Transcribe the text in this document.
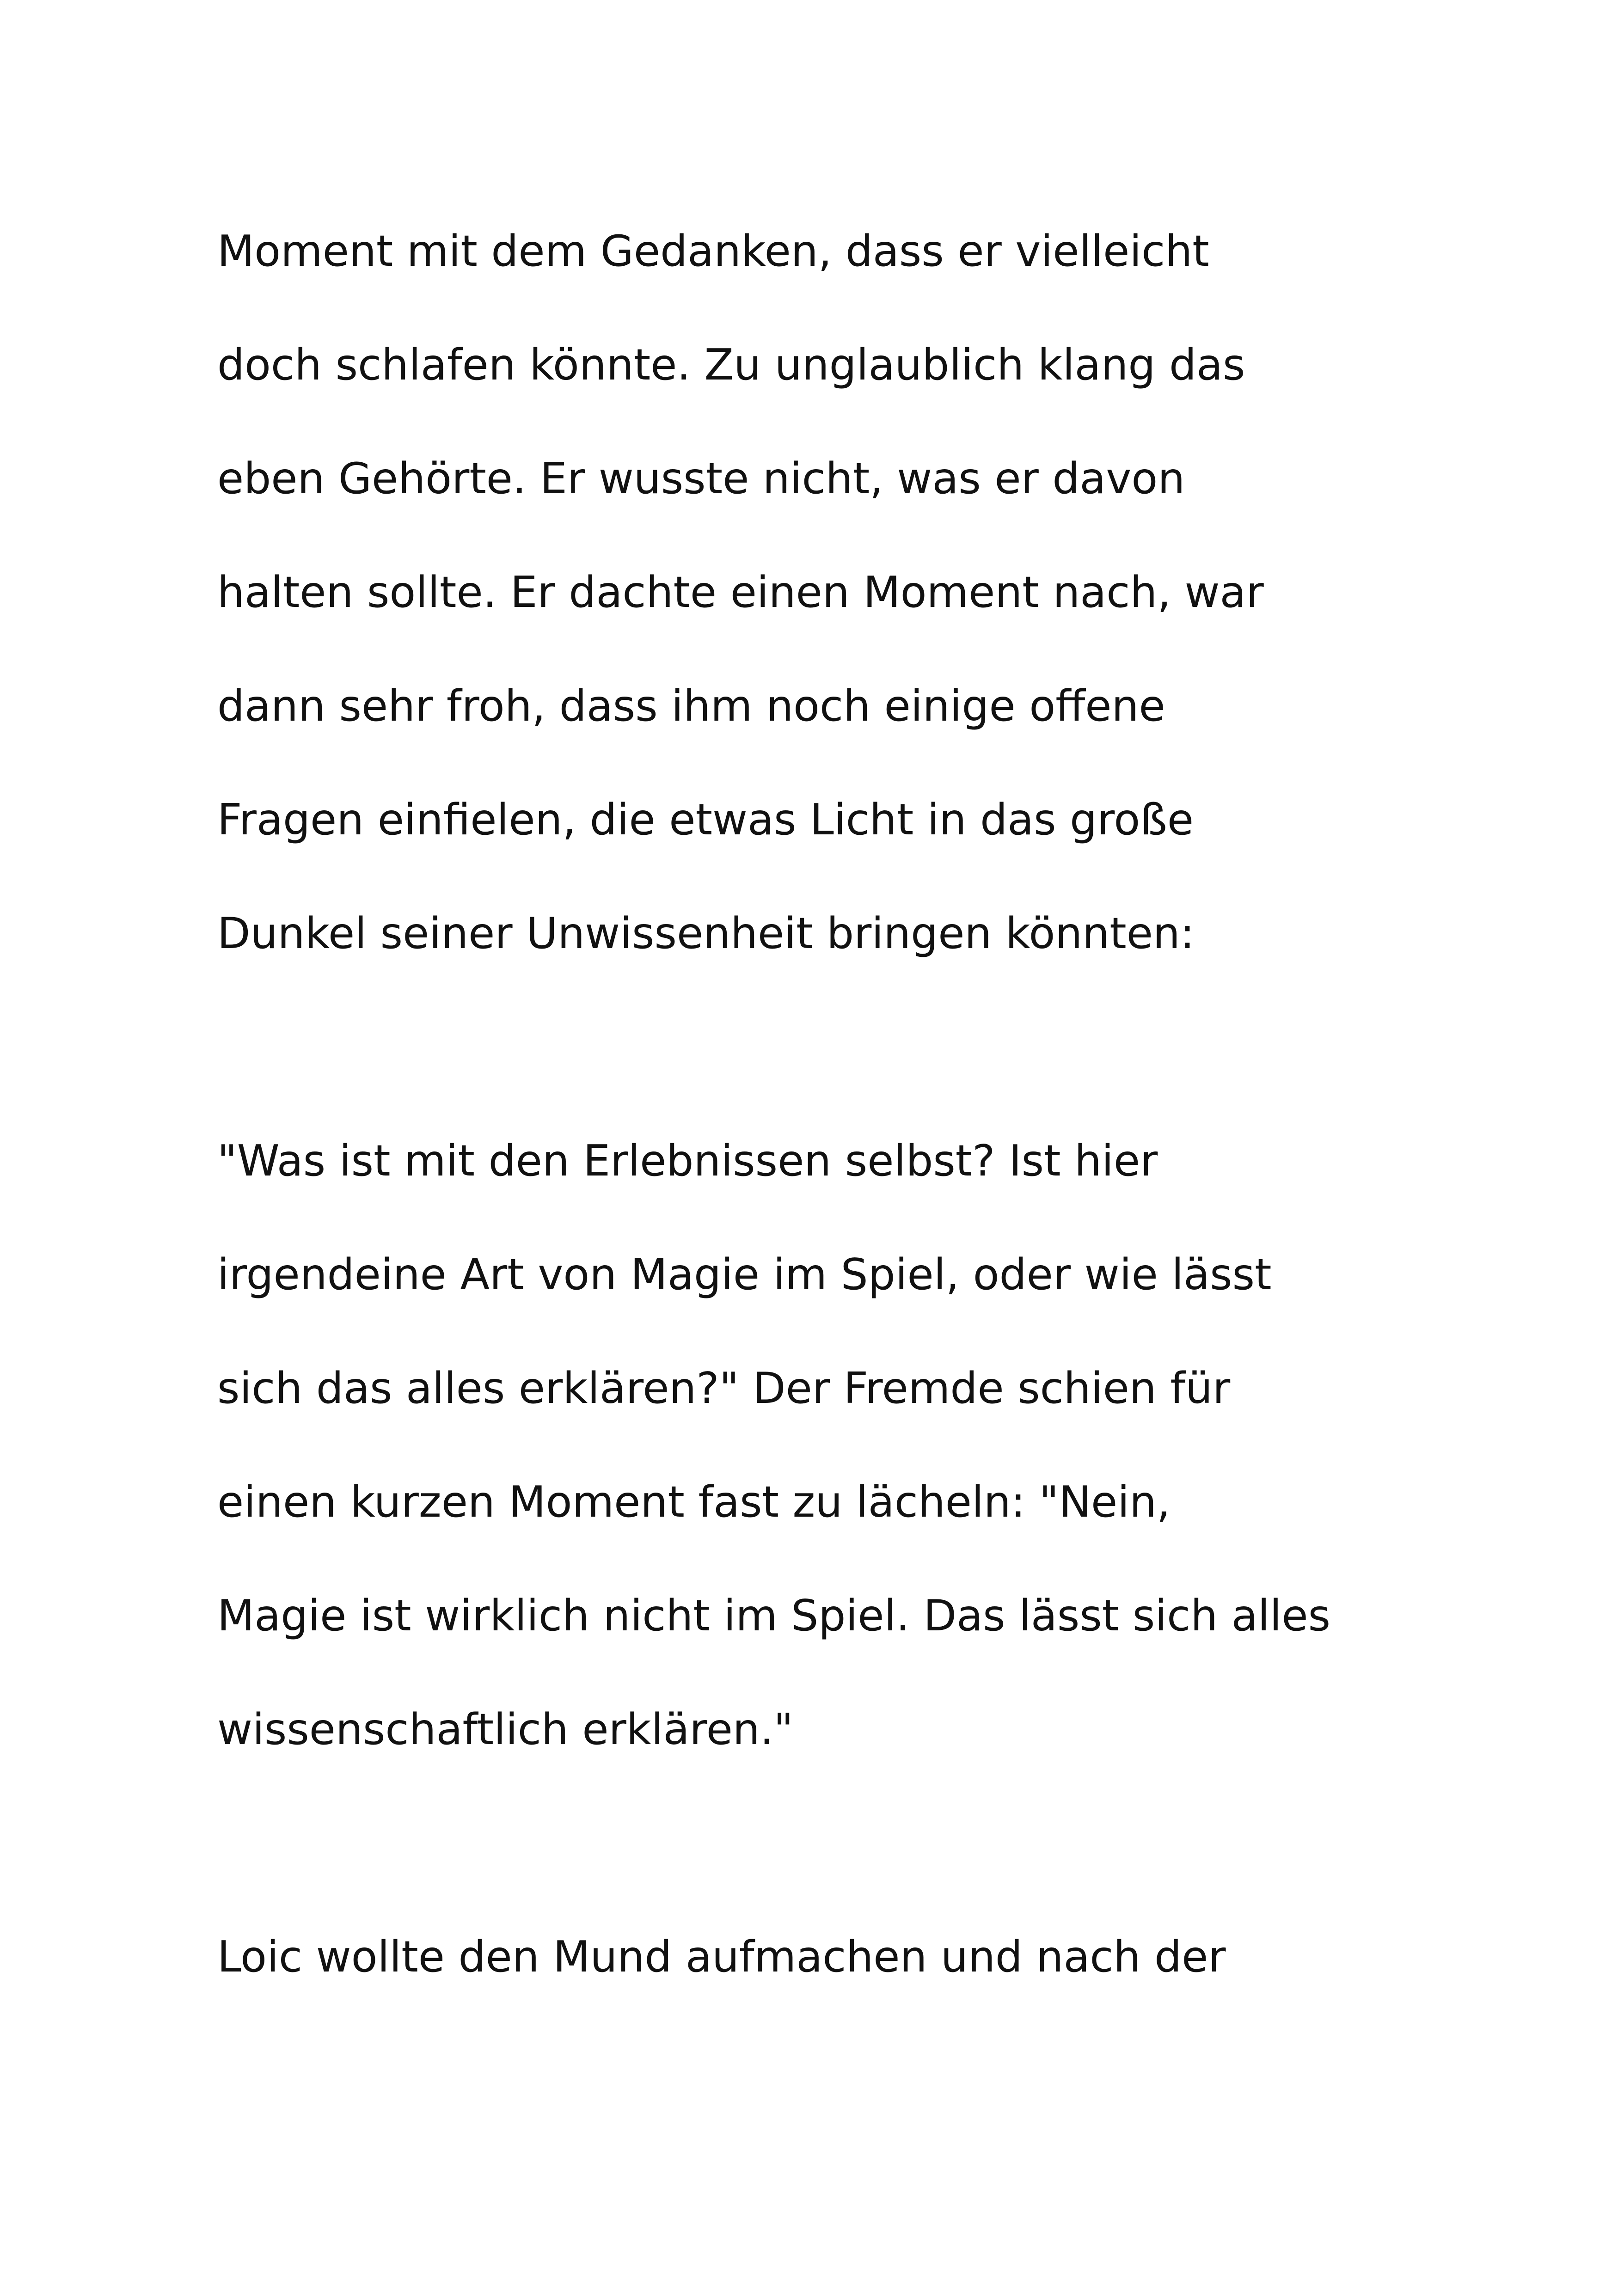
Moment mit dem Gedanken, dass er vielleicht

doch schlafen könnte. Zu unglaublich klang das

eben Gehörte. Er wusste nicht, was er davon

halten sollte. Er dachte einen Moment nach, war

dann sehr froh, dass ihm noch einige offene

Fragen einfielen, die etwas Licht in das große

Dunkel seiner Unwissenheit bringen könnten:

"Was ist mit den Erlebnissen selbst? Ist hier

irgendeine Art von Magie im Spiel, oder wie lässt

sich das alles erklären?" Der Fremde schien für

einen kurzen Moment fast zu lächeln: "Nein,

Magie ist wirklich nicht im Spiel. Das lässt sich alles

wissenschaftlich erklären."

Loic wollte den Mund aufmachen und nach der
